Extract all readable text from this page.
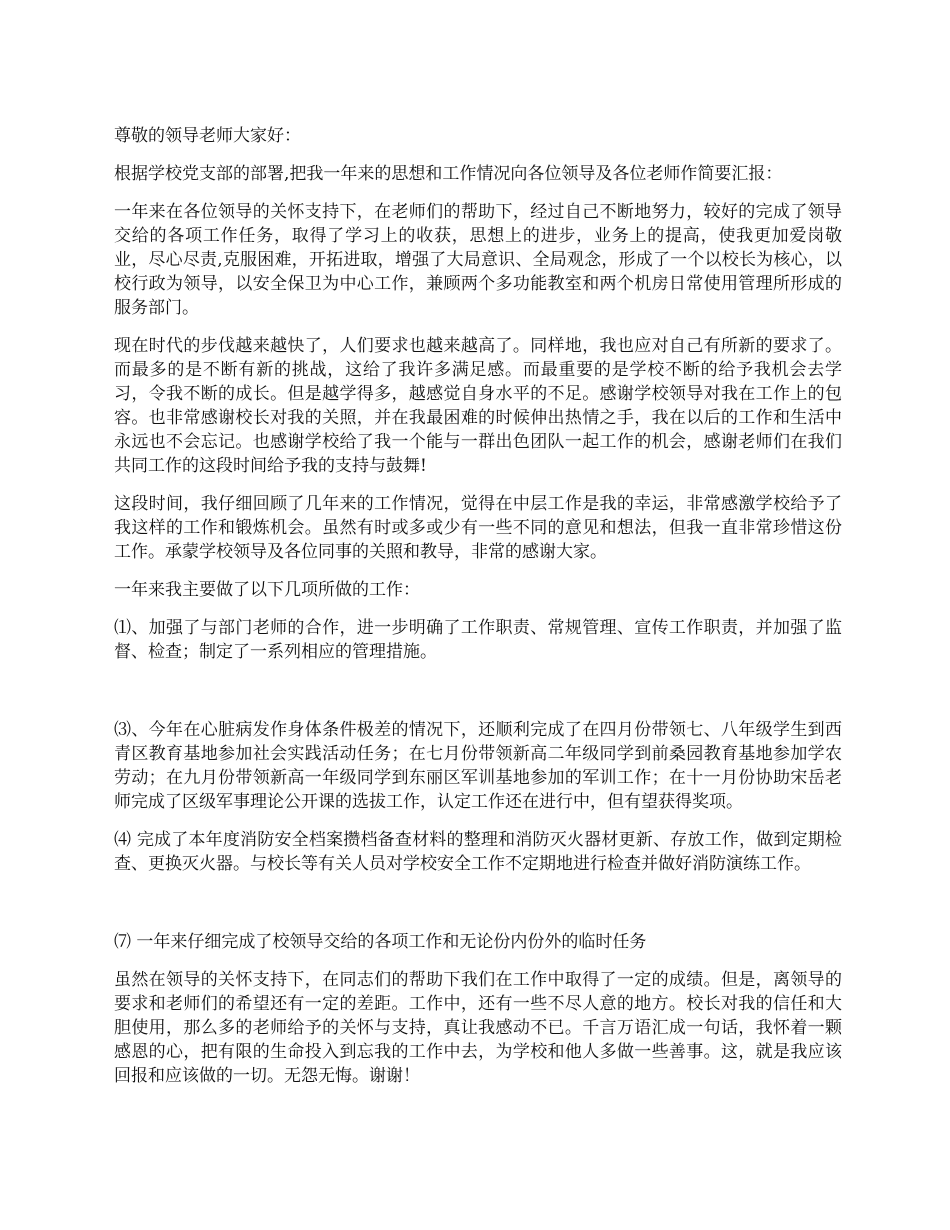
尊敬的领导老师大家好：

根据学校党支部的部署,把我一年来的思想和工作情况向各位领导及各位老师作简要汇报：

一年来在各位领导的关怀支持下，在老师们的帮助下，经过自己不断地努力，较好的完成了领导交给的各项工作任务，取得了学习上的收获，思想上的进步，业务上的提高，使我更加爱岗敬业，尽心尽责,克服困难，开拓进取，增强了大局意识、全局观念，形成了一个以校长为核心，以校行政为领导，以安全保卫为中心工作，兼顾两个多功能教室和两个机房日常使用管理所形成的服务部门。

现在时代的步伐越来越快了，人们要求也越来越高了。同样地，我也应对自己有所新的要求了。而最多的是不断有新的挑战，这给了我许多满足感。而最重要的是学校不断的给予我机会去学习，令我不断的成长。但是越学得多，越感觉自身水平的不足。感谢学校领导对我在工作上的包容。也非常感谢校长对我的关照，并在我最困难的时候伸出热情之手，我在以后的工作和生活中永远也不会忘记。也感谢学校给了我一个能与一群出色团队一起工作的机会，感谢老师们在我们共同工作的这段时间给予我的支持与鼓舞!

这段时间，我仔细回顾了几年来的工作情况，觉得在中层工作是我的幸运，非常感激学校给予了我这样的工作和锻炼机会。虽然有时或多或少有一些不同的意见和想法，但我一直非常珍惜这份工作。承蒙学校领导及各位同事的关照和教导，非常的感谢大家。

一年来我主要做了以下几项所做的工作：

⑴、加强了与部门老师的合作，进一步明确了工作职责、常规管理、宣传工作职责，并加强了监督、检查；制定了一系列相应的管理措施。

⑶、今年在心脏病发作身体条件极差的情况下，还顺利完成了在四月份带领七、八年级学生到西青区教育基地参加社会实践活动任务；在七月份带领新高二年级同学到前桑园教育基地参加学农劳动；在九月份带领新高一年级同学到东丽区军训基地参加的军训工作；在十一月份协助宋岳老师完成了区级军事理论公开课的选拔工作，认定工作还在进行中，但有望获得奖项。

⑷ 完成了本年度消防安全档案攒档备查材料的整理和消防灭火器材更新、存放工作，做到定期检查、更换灭火器。与校长等有关人员对学校安全工作不定期地进行检查并做好消防演练工作。

⑺ 一年来仔细完成了校领导交给的各项工作和无论份内份外的临时任务

虽然在领导的关怀支持下，在同志们的帮助下我们在工作中取得了一定的成绩。但是，离领导的要求和老师们的希望还有一定的差距。工作中，还有一些不尽人意的地方。校长对我的信任和大胆使用，那么多的老师给予的关怀与支持，真让我感动不已。千言万语汇成一句话，我怀着一颗感恩的心，把有限的生命投入到忘我的工作中去，为学校和他人多做一些善事。这，就是我应该回报和应该做的一切。无怨无悔。谢谢！
